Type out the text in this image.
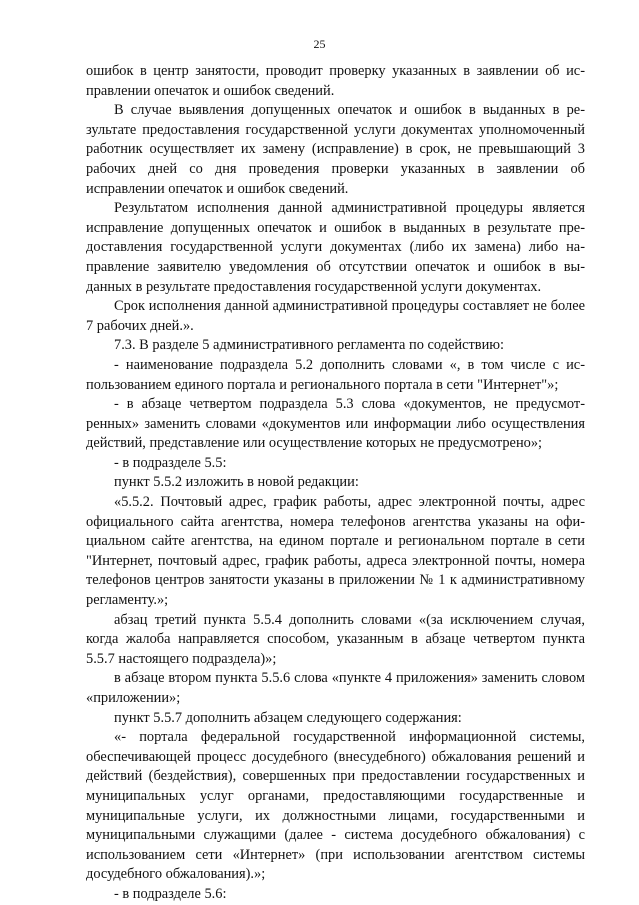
25

ошибок в центр занятости, проводит проверку указанных в заявлении об исправлении опечаток и ошибок сведений.

В случае выявления допущенных опечаток и ошибок в выданных в результате предоставления государственной услуги документах уполномоченный работник осуществляет их замену (исправление) в срок, не превышающий 3 рабочих дней со дня проведения проверки указанных в заявлении об исправлении опечаток и ошибок сведений.

Результатом исполнения данной административной процедуры является исправление допущенных опечаток и ошибок в выданных в результате предоставления государственной услуги документах (либо их замена) либо направление заявителю уведомления об отсутствии опечаток и ошибок в выданных в результате предоставления государственной услуги документах.

Срок исполнения данной административной процедуры составляет не более 7 рабочих дней.».

7.3. В разделе 5 административного регламента по содействию:

- наименование подраздела 5.2 дополнить словами «, в том числе с использованием единого портала и регионального портала в сети "Интернет"»;

- в абзаце четвертом подраздела 5.3 слова «документов, не предусмотренных» заменить словами «документов или информации либо осуществления действий, представление или осуществление которых не предусмотрено»;

- в подразделе 5.5:

пункт 5.5.2 изложить в новой редакции:

«5.5.2. Почтовый адрес, график работы, адрес электронной почты, адрес официального сайта агентства, номера телефонов агентства указаны на официальном сайте агентства, на едином портале и региональном портале в сети "Интернет, почтовый адрес, график работы, адреса электронной почты, номера телефонов центров занятости указаны в приложении № 1 к административному регламенту.»;

абзац третий пункта 5.5.4 дополнить словами «(за исключением случая, когда жалоба направляется способом, указанным в абзаце четвертом пункта 5.5.7 настоящего подраздела)»;

в абзаце втором пункта 5.5.6 слова «пункте 4 приложения» заменить словом «приложении»;

пункт 5.5.7 дополнить абзацем следующего содержания:

«- портала федеральной государственной информационной системы, обеспечивающей процесс досудебного (внесудебного) обжалования решений и действий (бездействия), совершенных при предоставлении государственных и муниципальных услуг органами, предоставляющими государственные и муниципальные услуги, их должностными лицами, государственными и муниципальными служащими (далее - система досудебного обжалования) с использованием сети «Интернет» (при использовании агентством системы досудебного обжалования).»;

- в подразделе 5.6:
